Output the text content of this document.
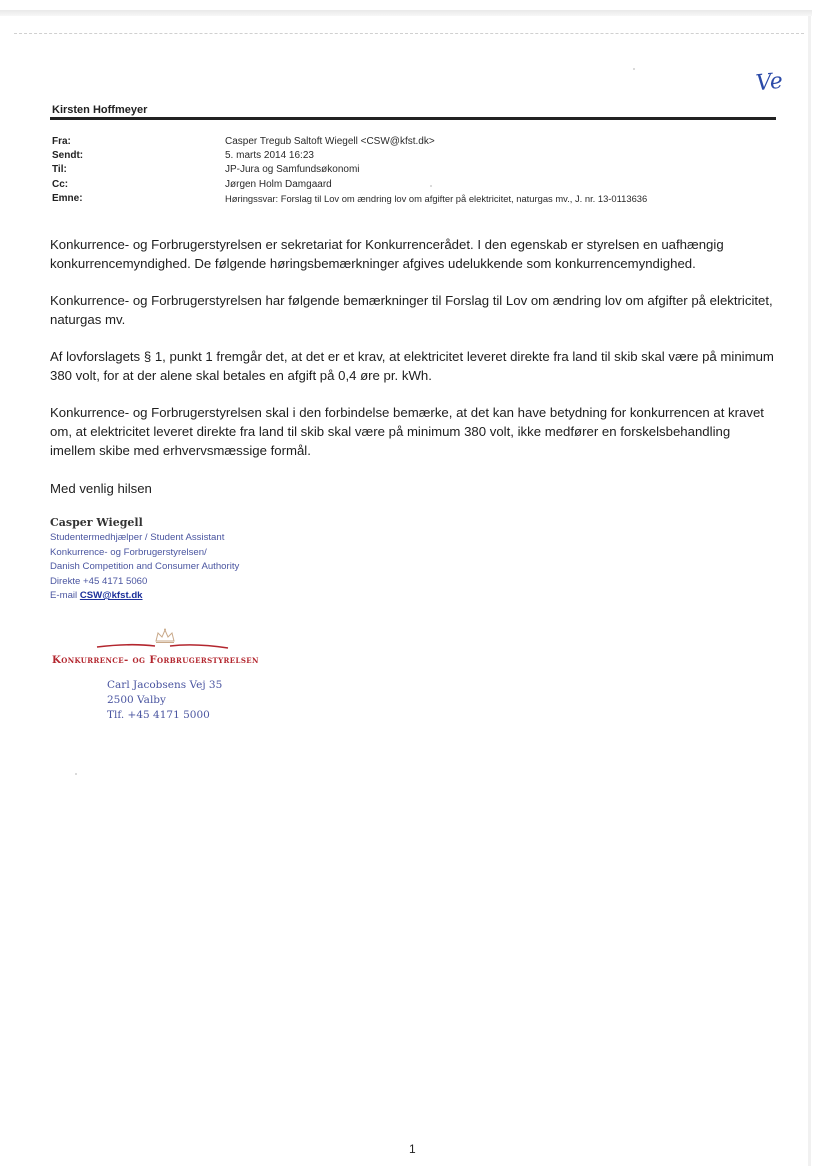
Ve
Kirsten Hoffmeyer
Fra:	Casper Tregub Saltoft Wiegell <CSW@kfst.dk>
Sendt:	5. marts 2014 16:23
Til:	JP-Jura og Samfundsøkonomi
Cc:	Jørgen Holm Damgaard
Emne:	Høringssvar: Forslag til Lov om ændring lov om afgifter på elektricitet, naturgas mv., J. nr. 13-0113636

Konkurrence- og Forbrugerstyrelsen er sekretariat for Konkurrencerådet. I den egenskab er styrelsen en uafhængig konkurrencemyndighed. De følgende høringsbemærkninger afgives udelukkende som konkurrencemyndighed.

Konkurrence- og Forbrugerstyrelsen har følgende bemærkninger til Forslag til Lov om ændring lov om afgifter på elektricitet, naturgas mv.

Af lovforslagets § 1, punkt 1 fremgår det, at det er et krav, at elektricitet leveret direkte fra land til skib skal være på minimum 380 volt, for at der alene skal betales en afgift på 0,4 øre pr. kWh.

Konkurrence- og Forbrugerstyrelsen skal i den forbindelse bemærke, at det kan have betydning for konkurrencen at kravet om, at elektricitet leveret direkte fra land til skib skal være på minimum 380 volt, ikke medfører en forskelsbehandling imellem skibe med erhvervsmæssige formål.

Med venlig hilsen
Casper Wiegell
Studentermedhjælper / Student Assistant
Konkurrence- og Forbrugerstyrelsen/
Danish Competition and Consumer Authority
Direkte +45 4171 5060
E-mail CSW@kfst.dk
Konkurrence- og Forbrugerstyrelsen
Carl Jacobsens Vej 35
2500 Valby
Tlf. +45 4171 5000
1
